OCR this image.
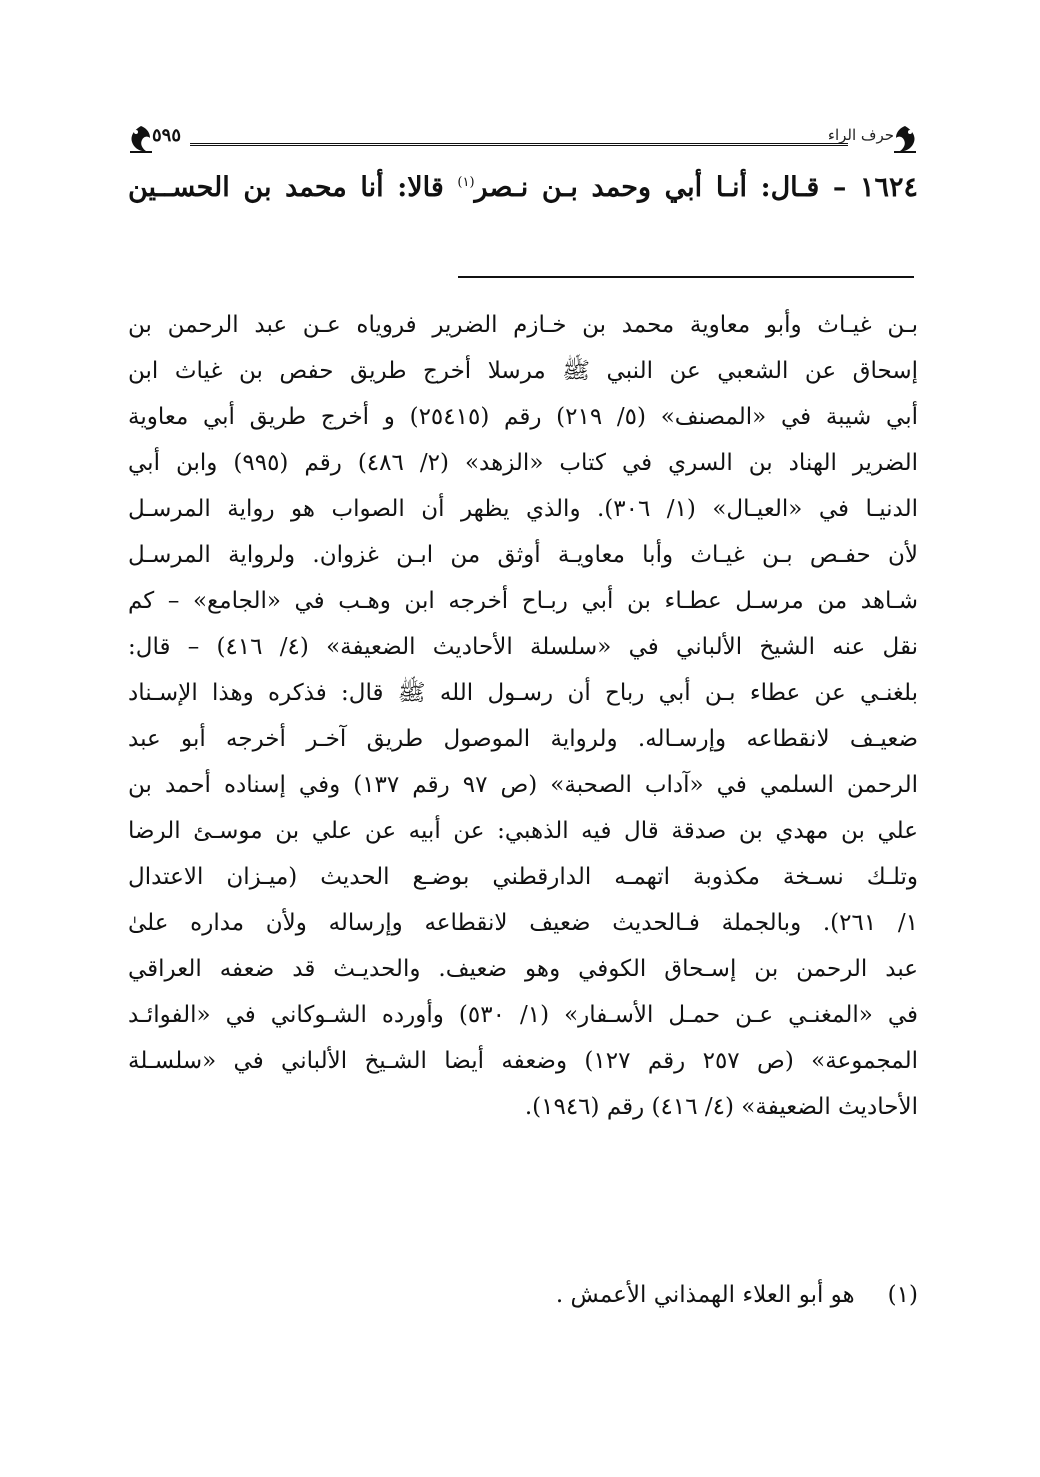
حرف الراء
٥٩٥
١٦٢٤ – قـال: أنـا أبي وحمد بـن نـصر$^{(١)}$ قالا: أنا محمد بن الحســين
بـن غيـاث وأبو معاوية محمد بن خـازم الضرير فروياه عـن عبد الرحمن بن
إسحاق عن الشعبي عن النبي ﷺ مرسلا أخرج طريق حفص بن غياث ابن
أبي شيبة في «المصنف» (٥/ ٢١٩) رقم (٢٥٤١٥) و أخرج طريق أبي معاوية
الضرير الهناد بن السري في كتاب «الزهد» (٢/ ٤٨٦) رقم (٩٩٥) وابن أبي
الدنيـا في «العيـال» (١/ ٣٠٦). والذي يظهر أن الصواب هو رواية المرسـل
لأن حفـص بـن غيـاث وأبا معاويـة أوثق من ابـن غزوان. ولرواية المرسـل
شـاهد من مرسـل عطـاء بن أبي ربـاح أخرجه ابن وهـب في «الجامع» – كم
نقل عنه الشيخ الألباني في «سلسلة الأحاديث الضعيفة» (٤/ ٤١٦) – قال:
بلغنـي عن عطاء بـن أبي رباح أن رسـول الله ﷺ قال: فذكره وهذا الإسـناد
ضعيـف لانقطاعه وإرسـاله. ولرواية الموصول طريق آخـر أخرجه أبو عبد
الرحمن السلمي في «آداب الصحبة» (ص ٩٧ رقم ١٣٧) وفي إسناده أحمد بن
علي بن مهدي بن صدقة قال فيه الذهبي: عن أبيه عن علي بن موسـئ الرضا
وتلـك نسـخة مكذوبة اتهمـه الدارقطني بوضـع الحديث (ميـزان الاعتدال
١/ ٢٦١). وبالجملة فـالحديث ضعيف لانقطاعه وإرساله ولأن مداره علىٰ
عبد الرحمن بن إسـحاق الكوفي وهو ضعيف. والحديـث قد ضعفه العراقي
في «المغنـي عـن حمـل الأسـفار» (١/ ٥٣٠) وأورده الشـوكاني في «الفوائـد
المجموعة» (ص ٢٥٧ رقم ١٢٧) وضعفه أيضا الشـيخ الألباني في «سلسـلة
الأحاديث الضعيفة» (٤/ ٤١٦) رقم (١٩٤٦).
(١) هو أبو العلاء الهمذاني الأعمش .
